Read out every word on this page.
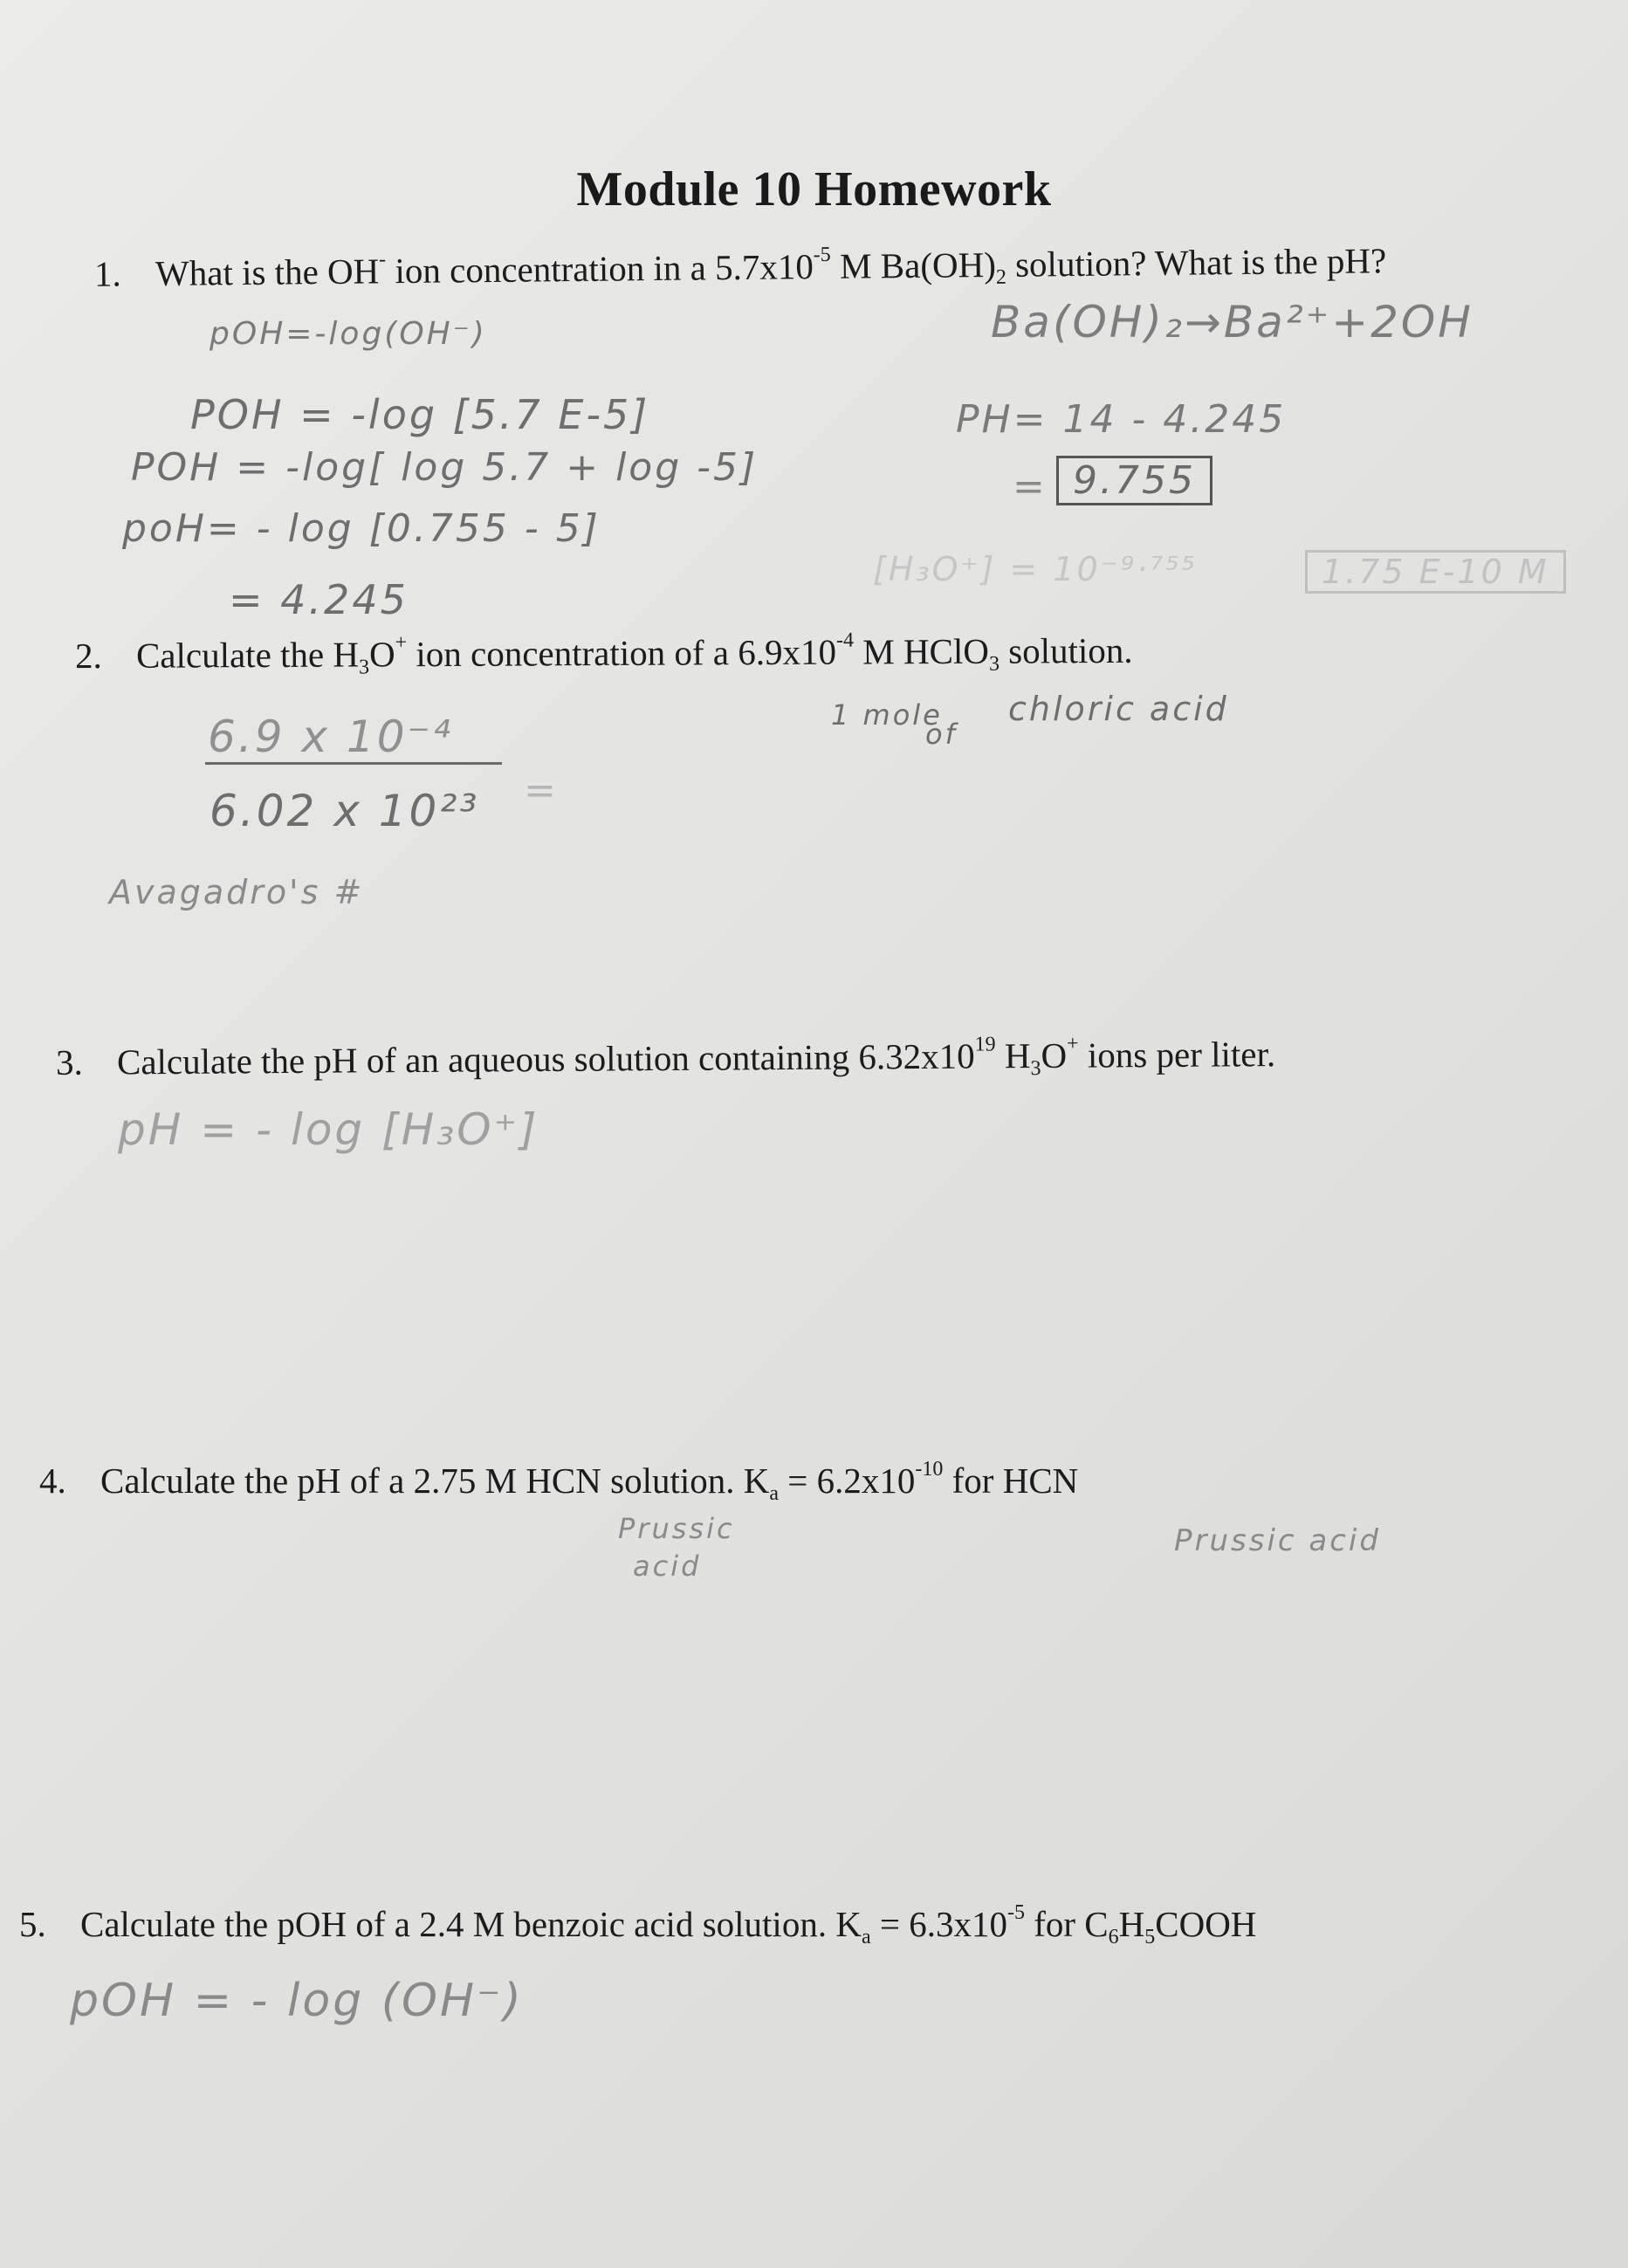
Module 10 Homework
1. What is the OH- ion concentration in a $5.7x10^{-5}$ M $Ba(OH)_2$ solution? What is the pH?
pOH=-log(OH⁻)	Ba(OH)₂→Ba²⁺+2OH
POH = -log [5.7 E-5]	PH= 14 - 4.245
POH = -log[ log 5.7 + log -5]	= 9.755
poH= - log [0.755 - 5]
[H₃O⁺] = 10⁻⁹·⁷⁵⁵	1.75 E-10 M
= 4.245
2. Calculate the $H_3O^+$ ion concentration of a $6.9x10^{-4}$ M HClO$_3$ solution.
1 mole
of
chloric acid
6.9 x 10⁻⁴
6.02 x 10²³ =
Avagadro's #
3. Calculate the pH of an aqueous solution containing $6.32x10^{19}$ $H_3O^+$ ions per liter.
pH = - log [H₃O⁺]
4. Calculate the pH of a 2.75 M HCN solution. $K_a = 6.2x10^{-10}$ for HCN
Prussic
acid
Prussic acid
5. Calculate the pOH of a 2.4 M benzoic acid solution. $K_a = 6.3x10^{-5}$ for $C_6H_5COOH$
pOH = - log (OH⁻)
